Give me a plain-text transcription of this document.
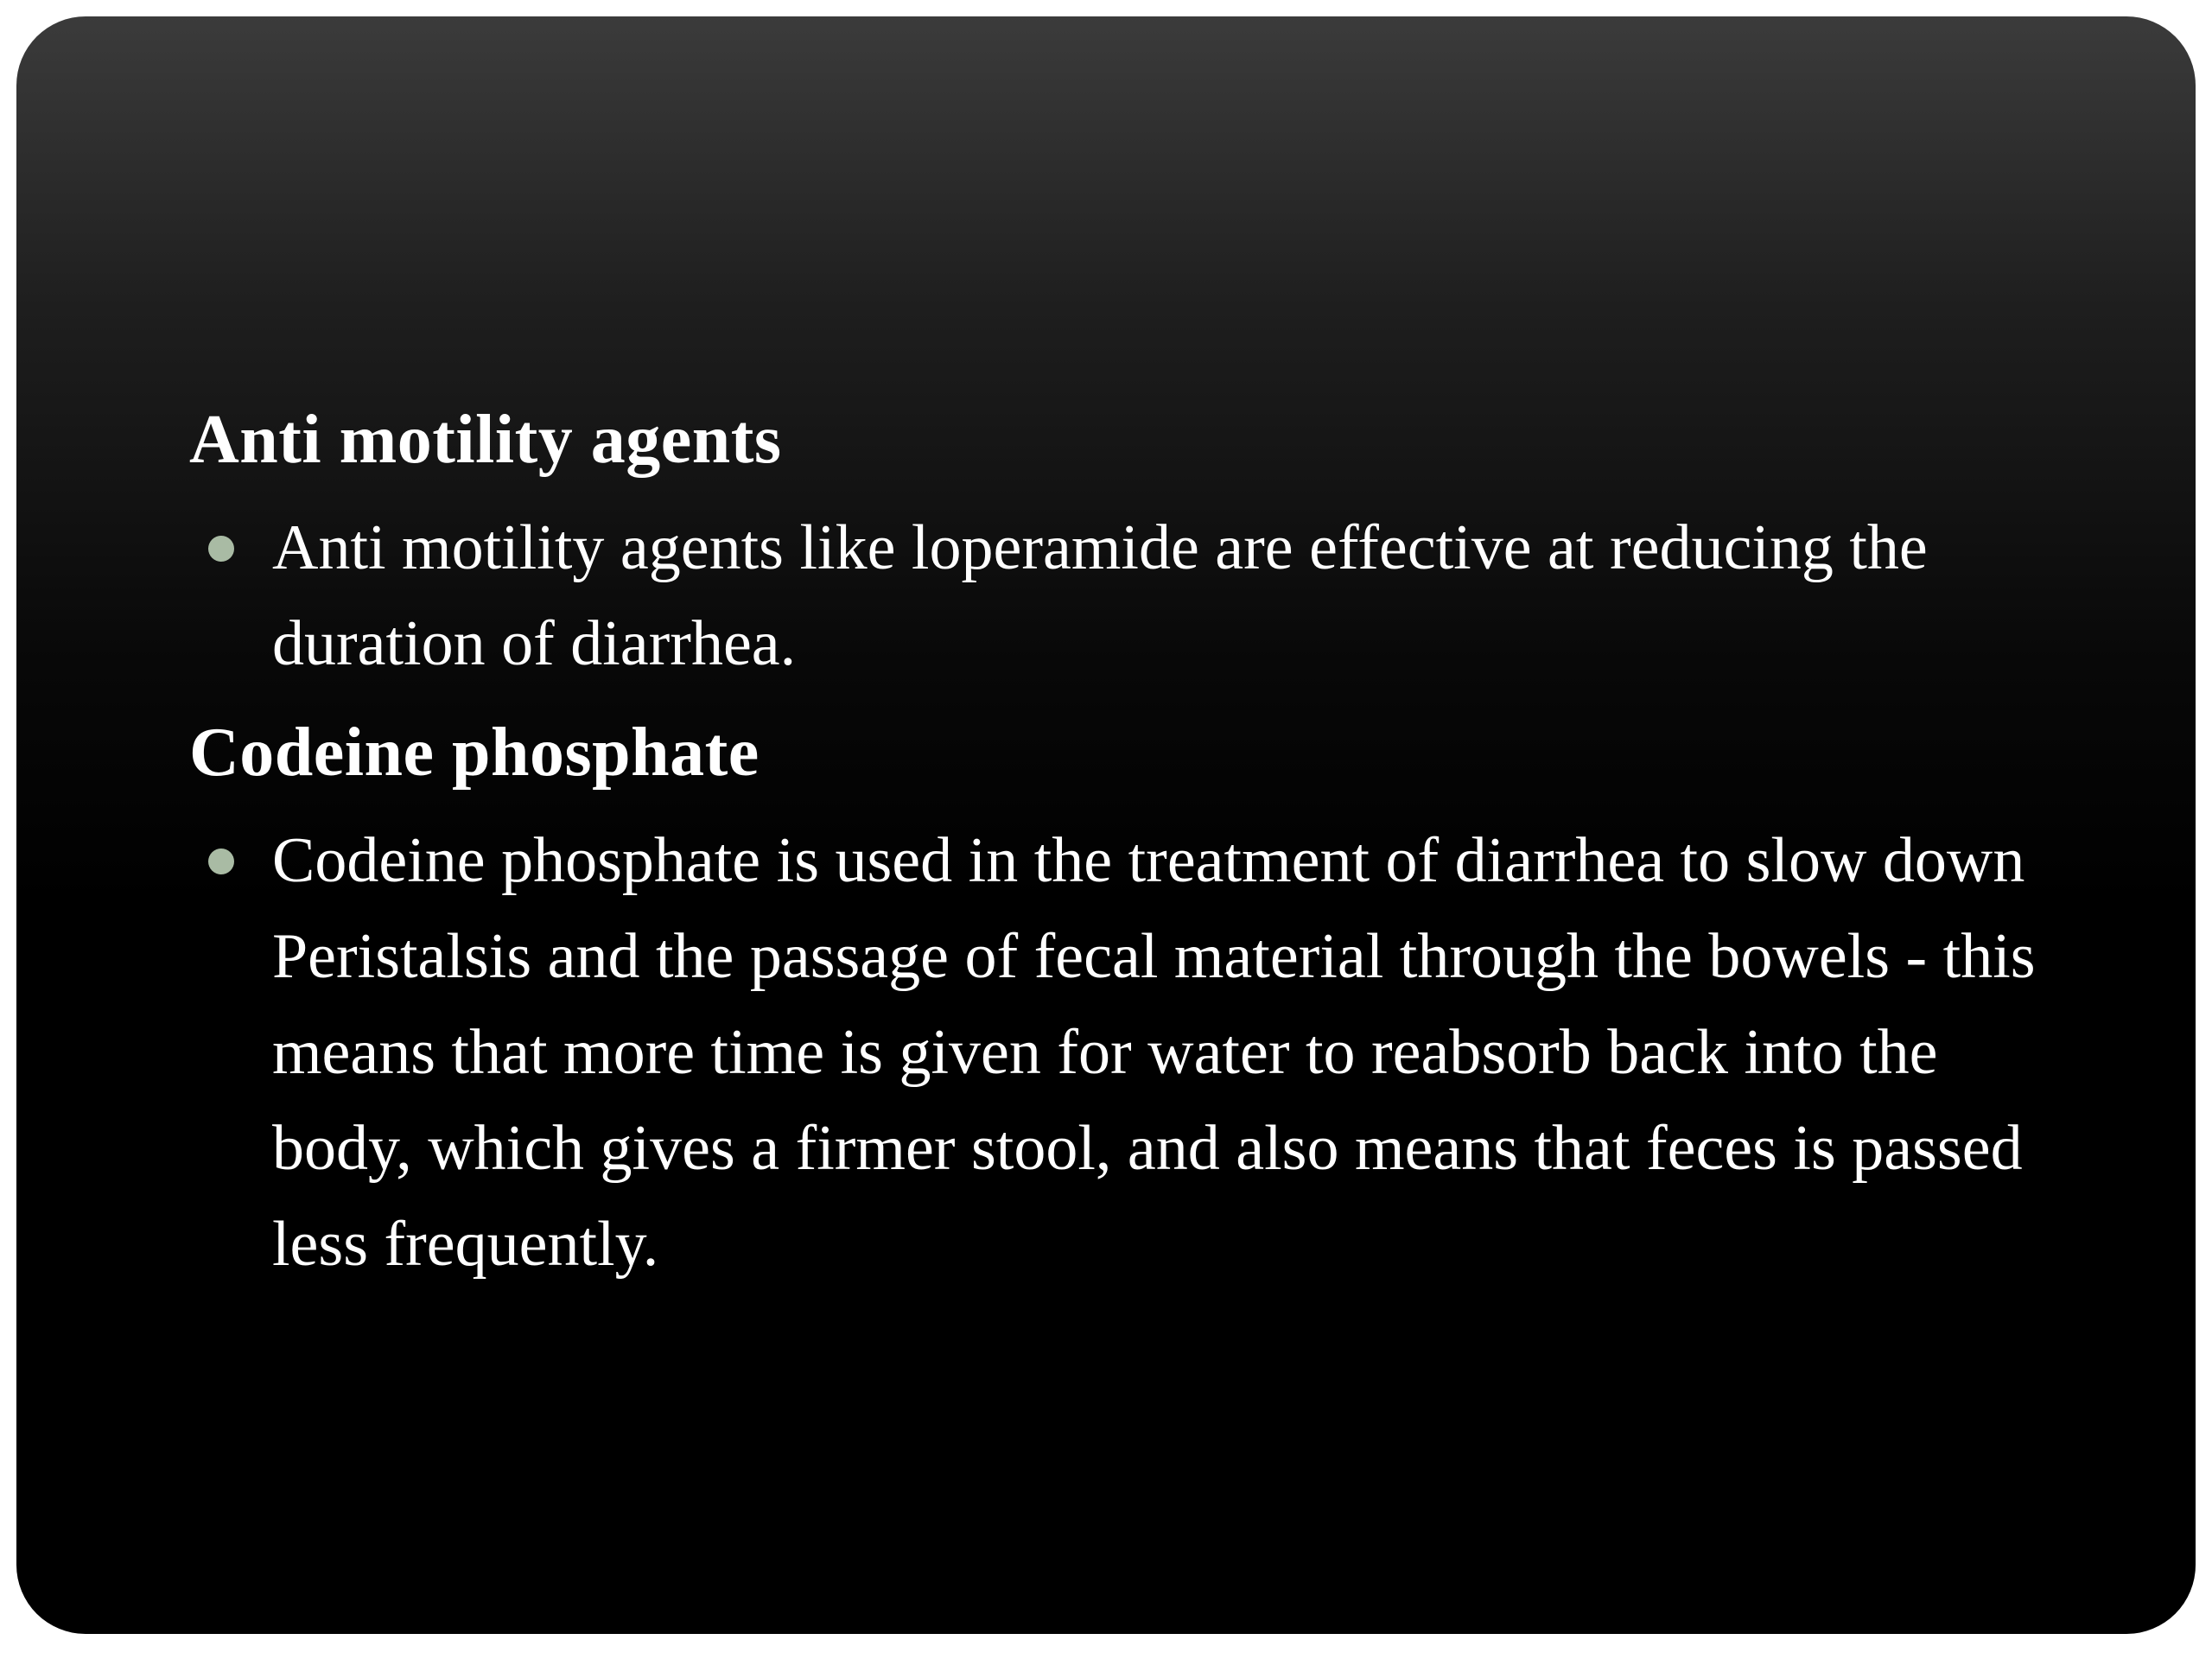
Anti motility agents
Anti motility agents like loperamide are effective at reducing the duration of diarrhea.
Codeine phosphate
Codeine phosphate is used in the treatment of diarrhea to slow down Peristalsis and the passage of fecal material through the bowels - this means that more time is given for water to reabsorb back into the body, which gives a firmer stool, and also means that feces is passed less frequently.
